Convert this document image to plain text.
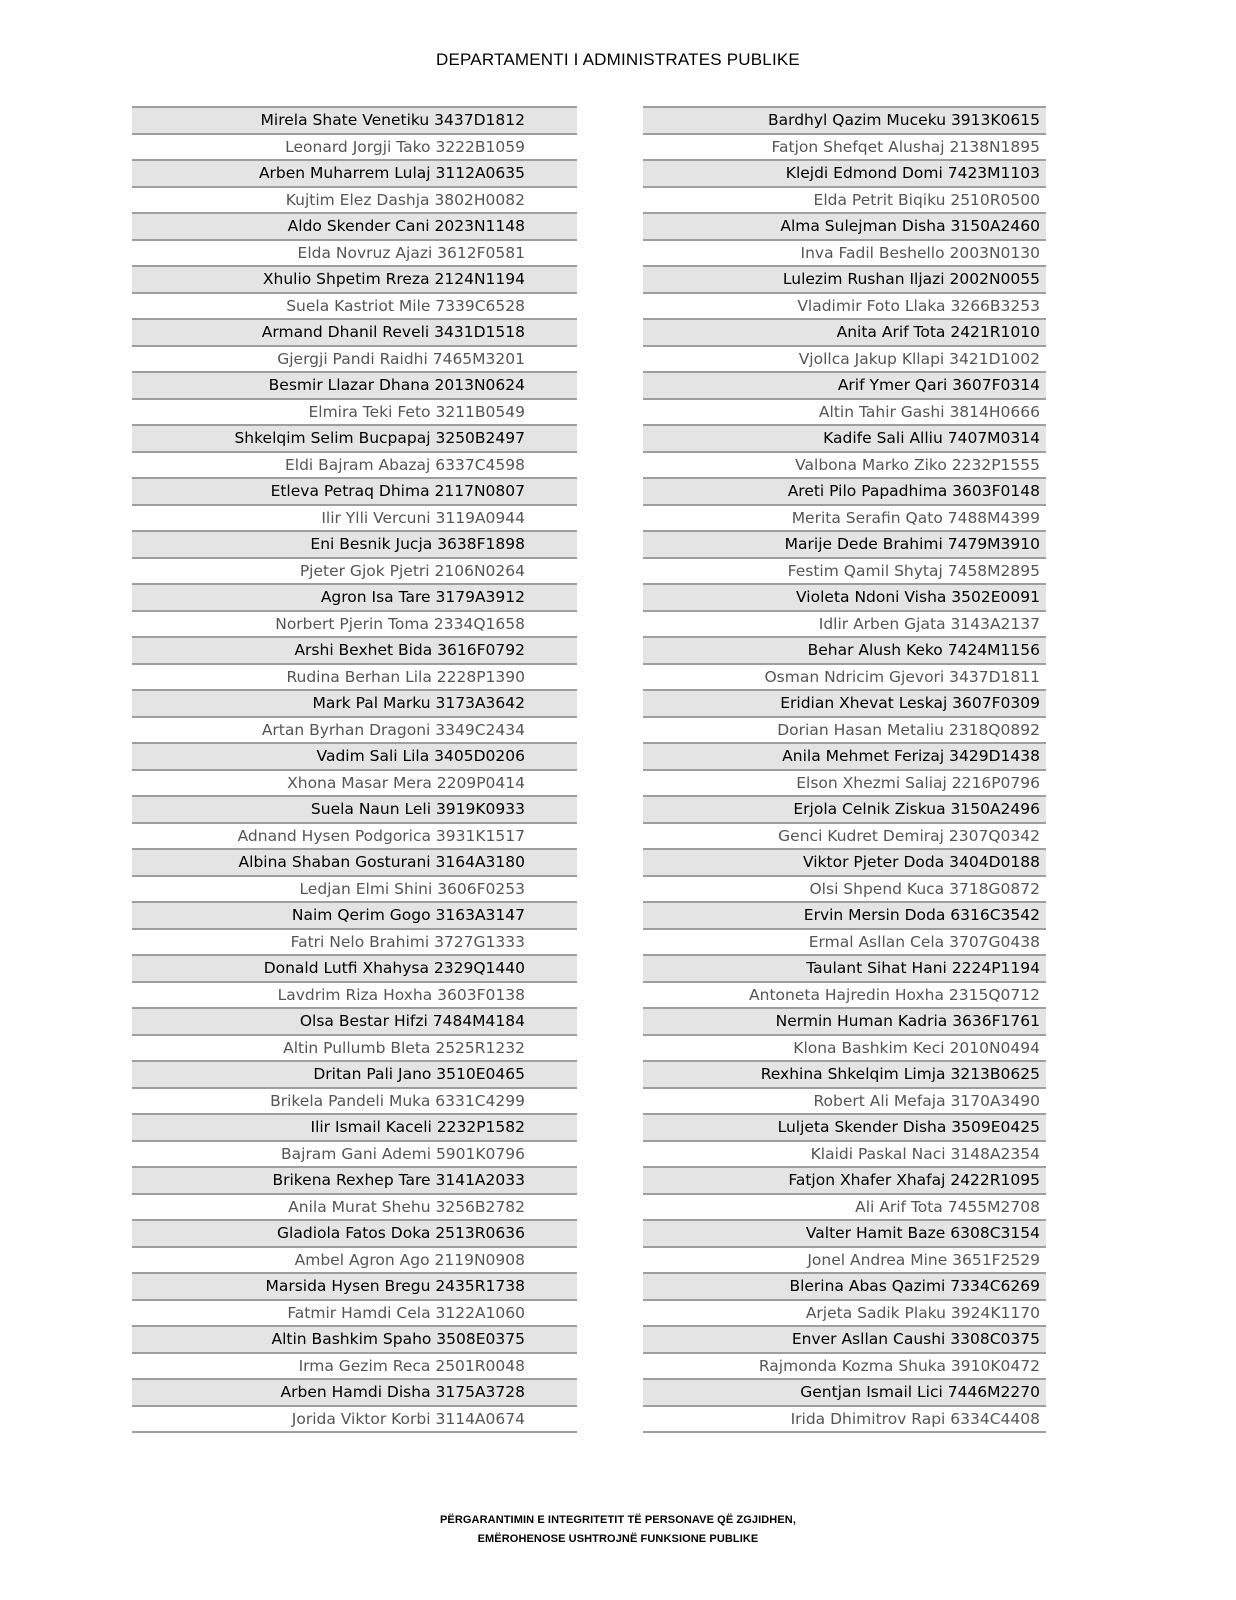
DEPARTAMENTI I ADMINISTRATES PUBLIKE
Mirela Shate Venetiku 3437D1812
Leonard Jorgji Tako 3222B1059
Arben Muharrem Lulaj 3112A0635
Kujtim Elez Dashja 3802H0082
Aldo Skender Cani 2023N1148
Elda Novruz Ajazi 3612F0581
Xhulio Shpetim Rreza 2124N1194
Suela Kastriot Mile 7339C6528
Armand Dhanil Reveli 3431D1518
Gjergji Pandi Raidhi 7465M3201
Besmir Llazar Dhana 2013N0624
Elmira Teki Feto 3211B0549
Shkelqim Selim Bucpapaj 3250B2497
Eldi Bajram Abazaj 6337C4598
Etleva Petraq Dhima 2117N0807
Ilir Ylli Vercuni 3119A0944
Eni Besnik Jucja 3638F1898
Pjeter Gjok Pjetri 2106N0264
Agron Isa Tare 3179A3912
Norbert Pjerin Toma 2334Q1658
Arshi Bexhet Bida 3616F0792
Rudina Berhan Lila 2228P1390
Mark Pal Marku 3173A3642
Artan Byrhan Dragoni 3349C2434
Vadim Sali Lila 3405D0206
Xhona Masar Mera 2209P0414
Suela Naun Leli 3919K0933
Adnand Hysen Podgorica 3931K1517
Albina Shaban Gosturani 3164A3180
Ledjan Elmi Shini 3606F0253
Naim Qerim Gogo 3163A3147
Fatri Nelo Brahimi 3727G1333
Donald Lutfi Xhahysa 2329Q1440
Lavdrim Riza Hoxha 3603F0138
Olsa Bestar Hifzi 7484M4184
Altin Pullumb Bleta 2525R1232
Dritan Pali Jano 3510E0465
Brikela Pandeli Muka 6331C4299
Ilir Ismail Kaceli 2232P1582
Bajram Gani Ademi 5901K0796
Brikena Rexhep Tare 3141A2033
Anila Murat Shehu 3256B2782
Gladiola Fatos Doka 2513R0636
Ambel Agron Ago 2119N0908
Marsida Hysen Bregu 2435R1738
Fatmir Hamdi Cela 3122A1060
Altin Bashkim Spaho 3508E0375
Irma Gezim Reca 2501R0048
Arben Hamdi Disha 3175A3728
Jorida Viktor Korbi 3114A0674
Bardhyl Qazim Muceku 3913K0615
Fatjon Shefqet Alushaj 2138N1895
Klejdi Edmond Domi 7423M1103
Elda Petrit Biqiku 2510R0500
Alma Sulejman Disha 3150A2460
Inva Fadil Beshello 2003N0130
Lulezim Rushan Iljazi 2002N0055
Vladimir Foto Llaka 3266B3253
Anita Arif Tota 2421R1010
Vjollca Jakup Kllapi 3421D1002
Arif Ymer Qari 3607F0314
Altin Tahir Gashi 3814H0666
Kadife Sali Alliu 7407M0314
Valbona Marko Ziko 2232P1555
Areti Pilo Papadhima 3603F0148
Merita Serafin Qato 7488M4399
Marije Dede Brahimi 7479M3910
Festim Qamil Shytaj 7458M2895
Violeta Ndoni Visha 3502E0091
Idlir Arben Gjata 3143A2137
Behar Alush Keko 7424M1156
Osman Ndricim Gjevori 3437D1811
Eridian Xhevat Leskaj 3607F0309
Dorian Hasan Metaliu 2318Q0892
Anila Mehmet Ferizaj 3429D1438
Elson Xhezmi Saliaj 2216P0796
Erjola Celnik Ziskua 3150A2496
Genci Kudret Demiraj 2307Q0342
Viktor Pjeter Doda 3404D0188
Olsi Shpend Kuca 3718G0872
Ervin Mersin Doda 6316C3542
Ermal Asllan Cela 3707G0438
Taulant Sihat Hani 2224P1194
Antoneta Hajredin Hoxha 2315Q0712
Nermin Human Kadria 3636F1761
Klona Bashkim Keci 2010N0494
Rexhina Shkelqim Limja 3213B0625
Robert Ali Mefaja 3170A3490
Luljeta Skender Disha 3509E0425
Klaidi Paskal Naci 3148A2354
Fatjon Xhafer Xhafaj 2422R1095
Ali Arif Tota 7455M2708
Valter Hamit Baze 6308C3154
Jonel Andrea Mine 3651F2529
Blerina Abas Qazimi 7334C6269
Arjeta Sadik Plaku 3924K1170
Enver Asllan Caushi 3308C0375
Rajmonda Kozma Shuka 3910K0472
Gentjan Ismail Lici 7446M2270
Irida Dhimitrov Rapi 6334C4408
PËRGARANTIMIN E INTEGRITETIT TË PERSONAVE QË ZGJIDHEN,
EMËROHENOSE USHTROJNË FUNKSIONE PUBLIKE
